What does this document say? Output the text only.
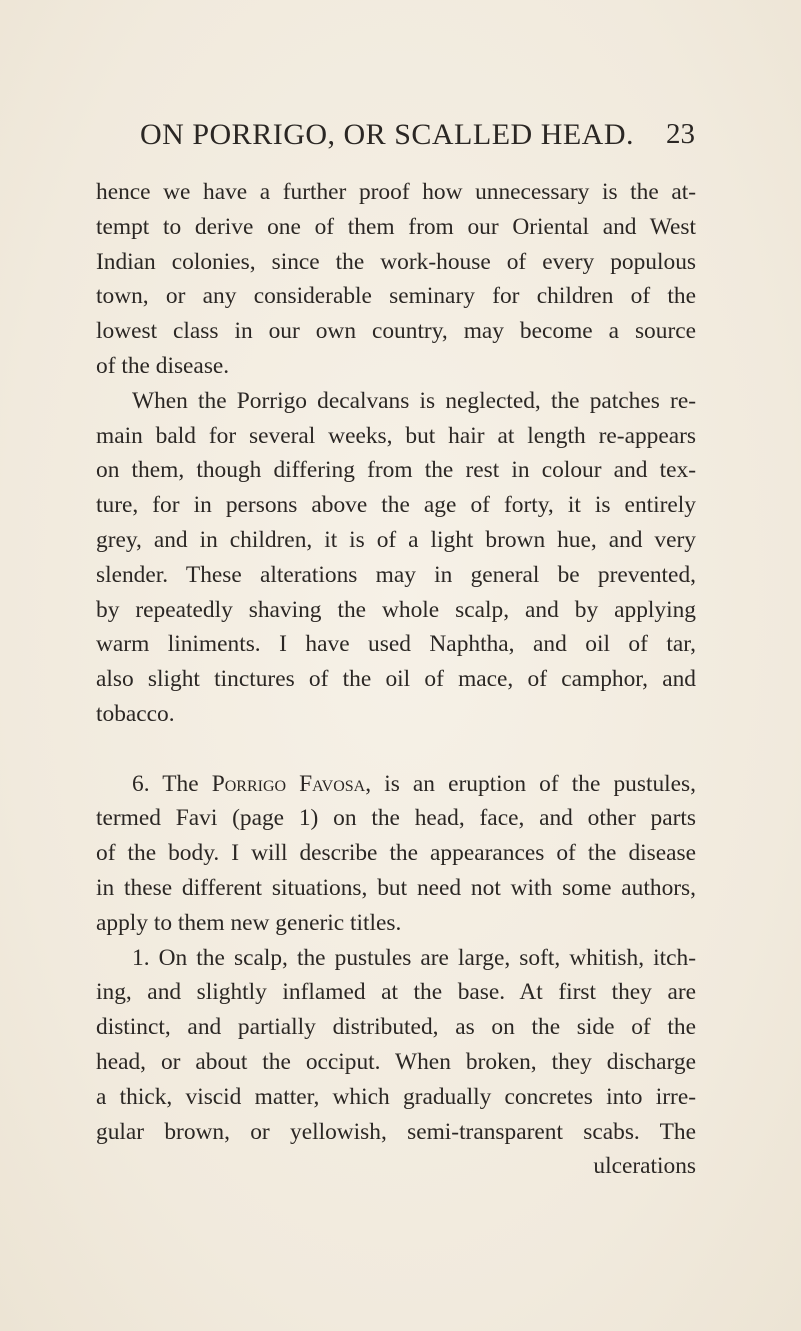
ON PORRIGO, OR SCALLED HEAD. 23
hence we have a further proof how unnecessary is the at-
tempt to derive one of them from our Oriental and West
Indian colonies, since the work-house of every populous
town, or any considerable seminary for children of the
lowest class in our own country, may become a source
of the disease.
When the Porrigo decalvans is neglected, the patches re-
main bald for several weeks, but hair at length re-appears
on them, though differing from the rest in colour and tex-
ture, for in persons above the age of forty, it is entirely
grey, and in children, it is of a light brown hue, and very
slender. These alterations may in general be prevented,
by repeatedly shaving the whole scalp, and by applying
warm liniments. I have used Naphtha, and oil of tar,
also slight tinctures of the oil of mace, of camphor, and
tobacco.
6. The Porrigo Favosa, is an eruption of the pustules,
termed Favi (page 1) on the head, face, and other parts
of the body. I will describe the appearances of the disease
in these different situations, but need not with some authors,
apply to them new generic titles.
1. On the scalp, the pustules are large, soft, whitish, itch-
ing, and slightly inflamed at the base. At first they are
distinct, and partially distributed, as on the side of the
head, or about the occiput. When broken, they discharge
a thick, viscid matter, which gradually concretes into irre-
gular brown, or yellowish, semi-transparent scabs. The
ulcerations
